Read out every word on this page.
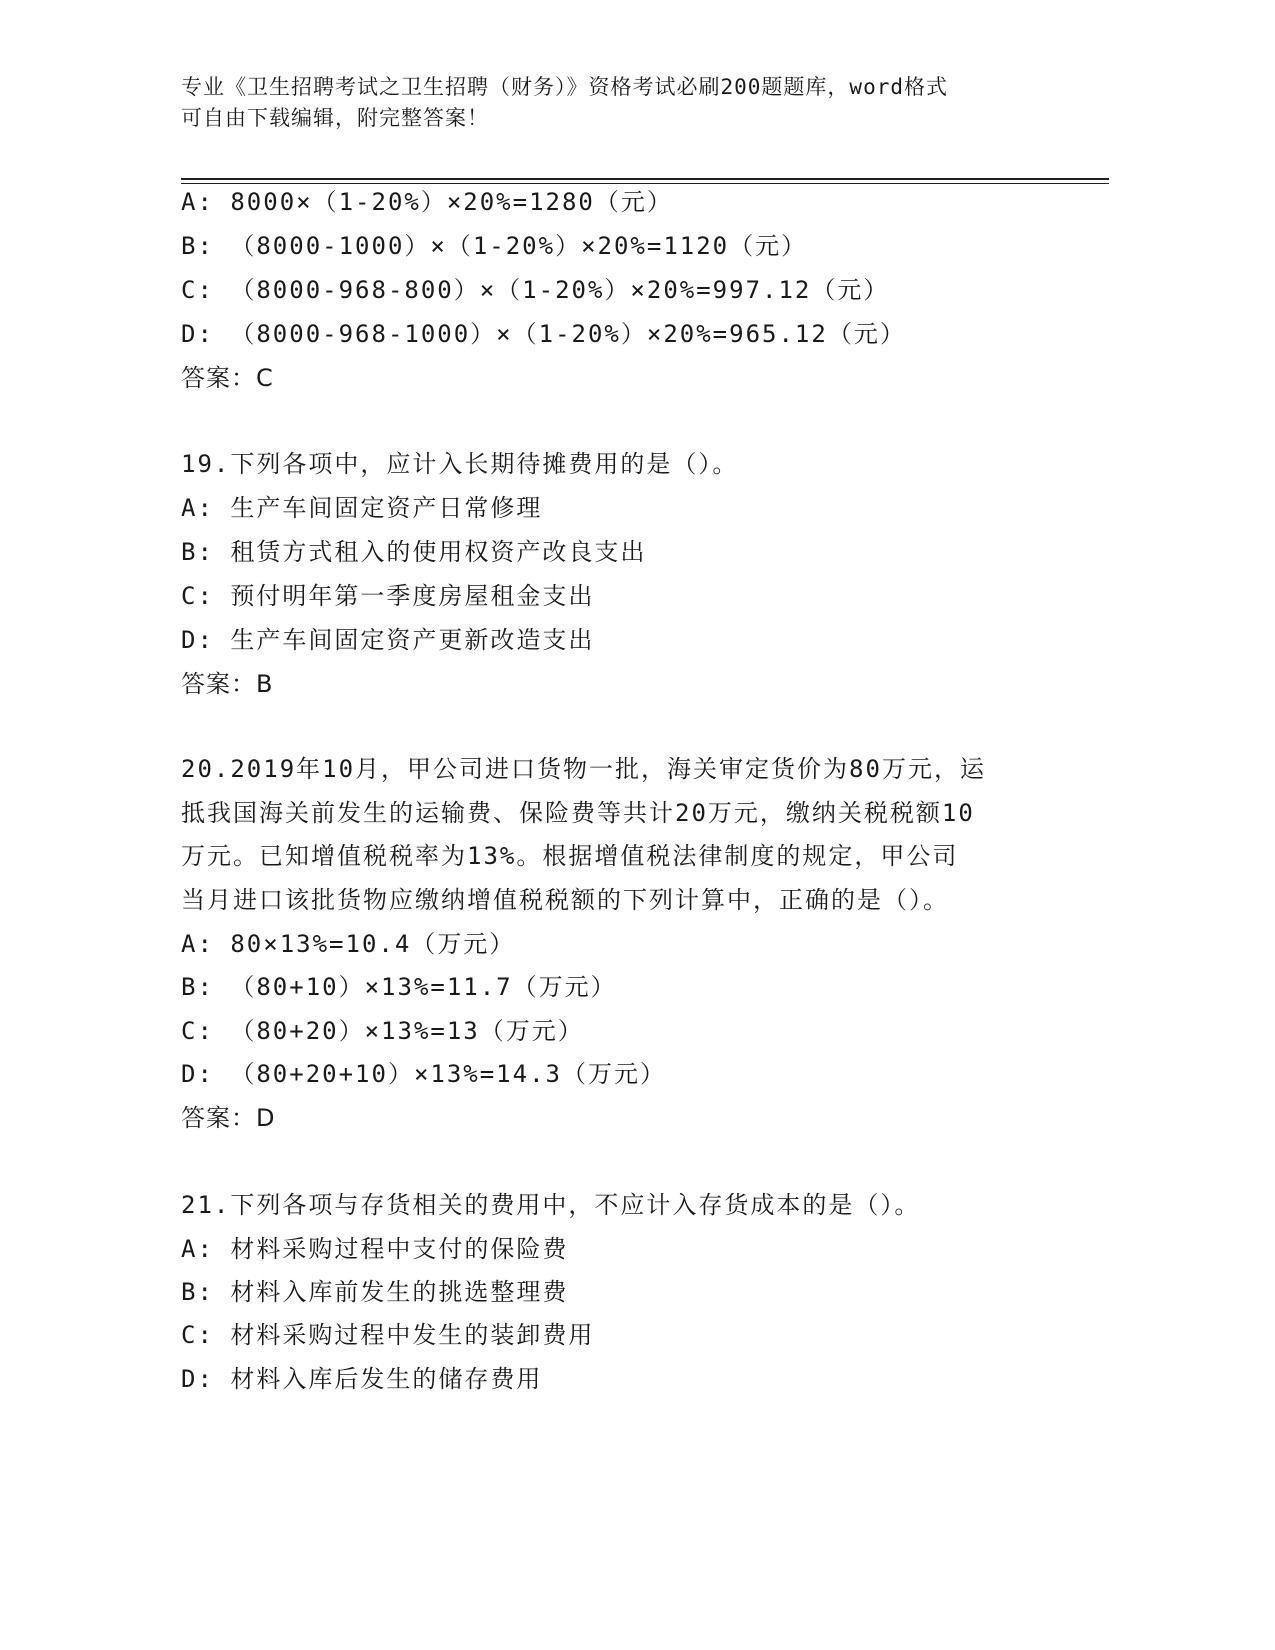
专业《卫生招聘考试之卫生招聘（财务）》资格考试必刷200题题库，word格式
可自由下载编辑，附完整答案！
A: 8000×（1-20%）×20%=1280（元）
B: （8000-1000）×（1-20%）×20%=1120（元）
C: （8000-968-800）×（1-20%）×20%=997.12（元）
D: （8000-968-1000）×（1-20%）×20%=965.12（元）
答案：C
19.下列各项中，应计入长期待摊费用的是（）。
A: 生产车间固定资产日常修理
B: 租赁方式租入的使用权资产改良支出
C: 预付明年第一季度房屋租金支出
D: 生产车间固定资产更新改造支出
答案：B
20.2019年10月，甲公司进口货物一批，海关审定货价为80万元，运
抵我国海关前发生的运输费、保险费等共计20万元，缴纳关税税额10
万元。已知增值税税率为13%。根据增值税法律制度的规定，甲公司
当月进口该批货物应缴纳增值税税额的下列计算中，正确的是（）。
A: 80×13%=10.4（万元）
B: （80+10）×13%=11.7（万元）
C: （80+20）×13%=13（万元）
D: （80+20+10）×13%=14.3（万元）
答案：D
21.下列各项与存货相关的费用中，不应计入存货成本的是（）。
A: 材料采购过程中支付的保险费
B: 材料入库前发生的挑选整理费
C: 材料采购过程中发生的装卸费用
D: 材料入库后发生的储存费用
